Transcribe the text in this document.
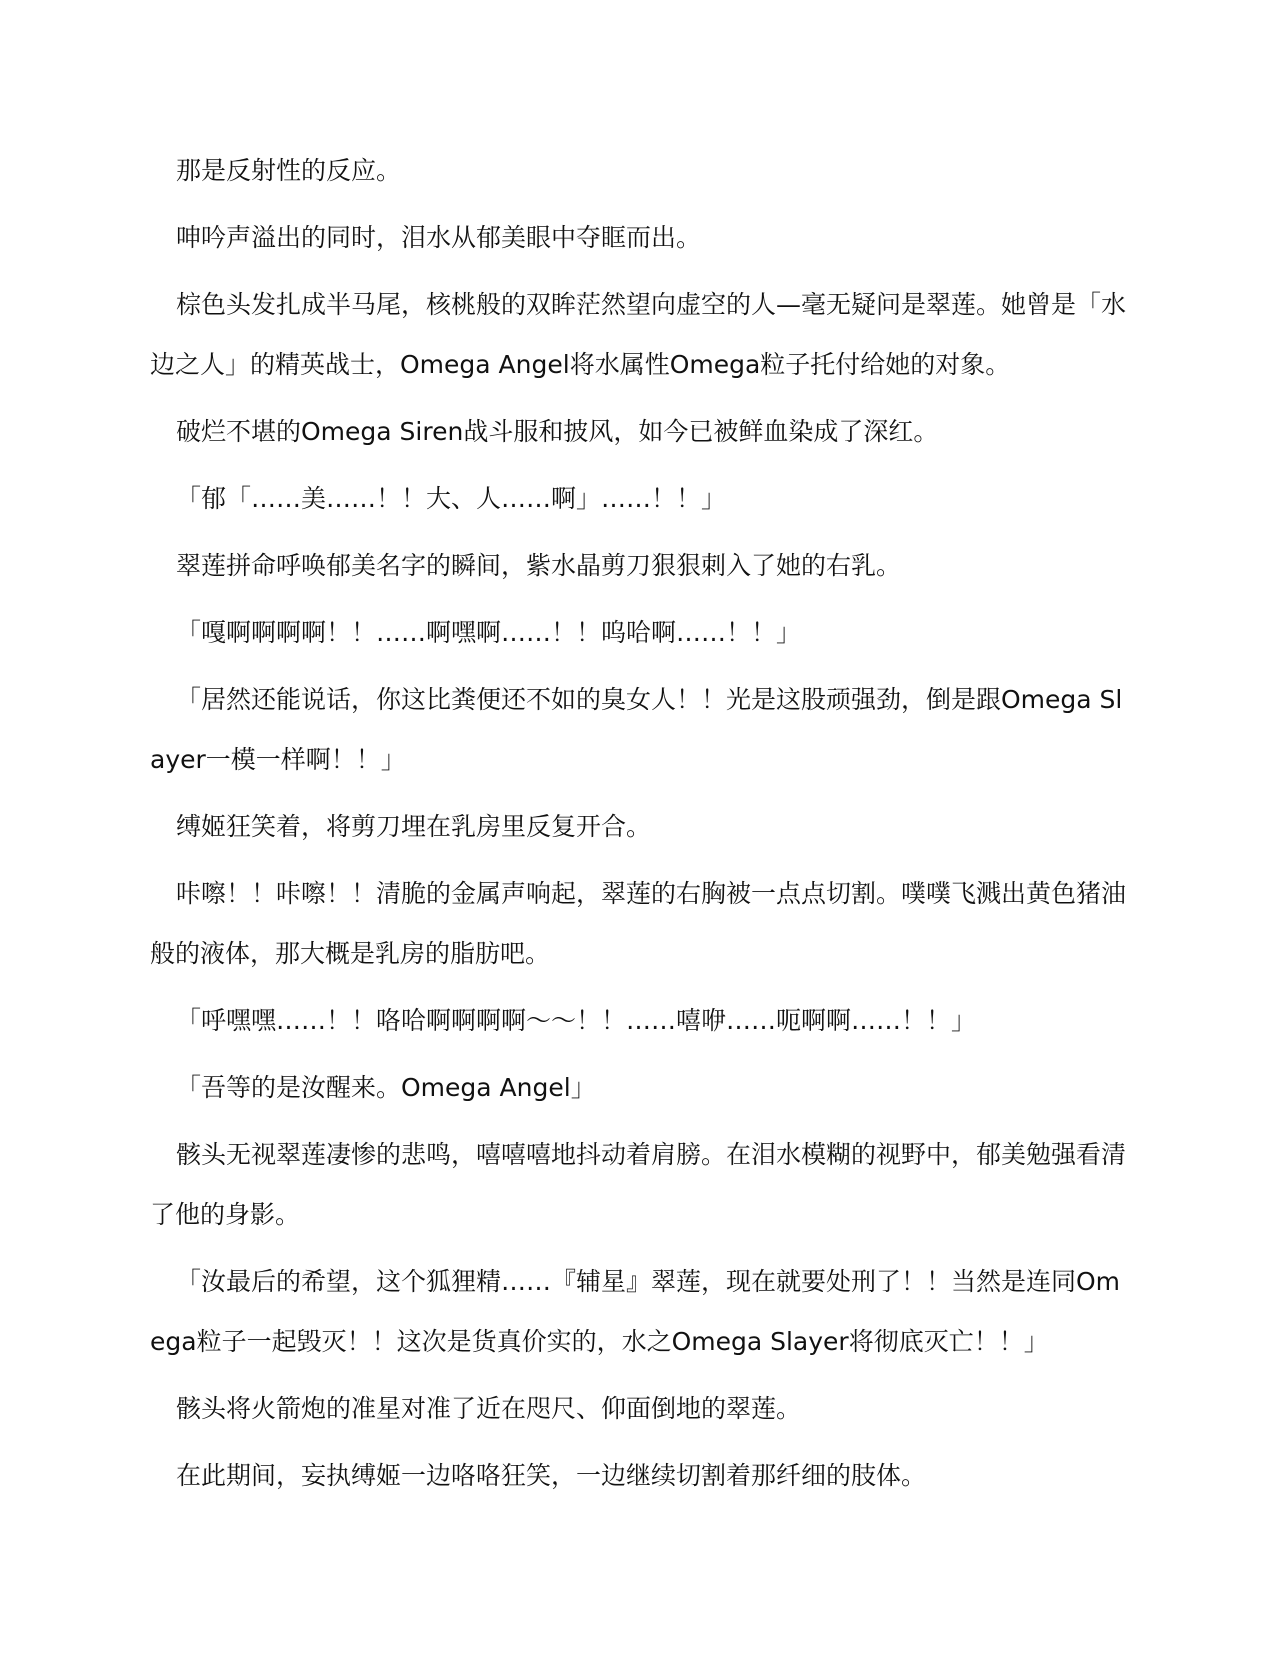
那是反射性的反应。

呻吟声溢出的同时，泪水从郁美眼中夺眶而出。

棕色头发扎成半马尾，核桃般的双眸茫然望向虚空的人—毫无疑问是翠莲。她曾是「水边之人」的精英战士，Omega Angel将水属性Omega粒子托付给她的对象。

破烂不堪的Omega Siren战斗服和披风，如今已被鲜血染成了深红。

「郁「……美……！！大、人……啊」……！！」

翠莲拼命呼唤郁美名字的瞬间，紫水晶剪刀狠狠刺入了她的右乳。

「嘎啊啊啊啊！！……啊嘿啊……！！呜哈啊……！！」

「居然还能说话，你这比粪便还不如的臭女人！！光是这股顽强劲，倒是跟Omega Slayer一模一样啊！！」

缚姬狂笑着，将剪刀埋在乳房里反复开合。

咔嚓！！咔嚓！！清脆的金属声响起，翠莲的右胸被一点点切割。噗噗飞溅出黄色猪油般的液体，那大概是乳房的脂肪吧。

「呼嘿嘿……！！咯哈啊啊啊啊～～！！……嘻咿……呃啊啊……！！」

「吾等的是汝醒来。Omega Angel」

骸头无视翠莲凄惨的悲鸣，嘻嘻嘻地抖动着肩膀。在泪水模糊的视野中，郁美勉强看清了他的身影。

「汝最后的希望，这个狐狸精……『辅星』翠莲，现在就要处刑了！！当然是连同Omega粒子一起毁灭！！这次是货真价实的，水之Omega Slayer将彻底灭亡！！」

骸头将火箭炮的准星对准了近在咫尺、仰面倒地的翠莲。

在此期间，妄执缚姬一边咯咯狂笑，一边继续切割着那纤细的肢体。
